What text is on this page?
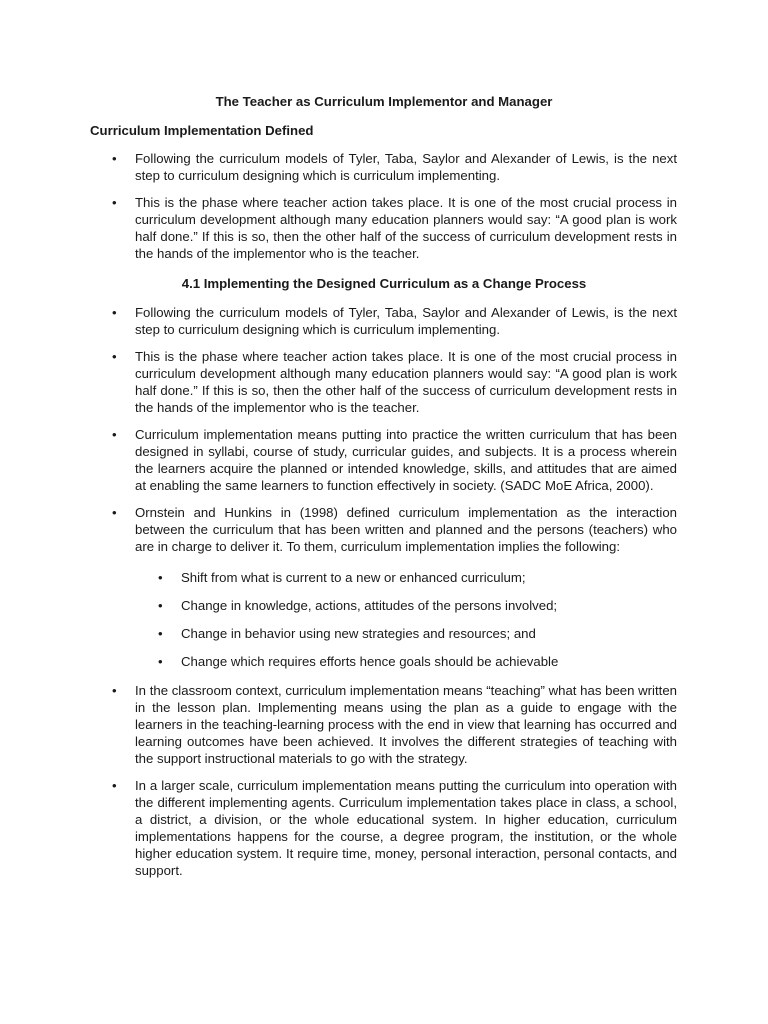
The Teacher as Curriculum Implementor and Manager
Curriculum Implementation Defined
• Following the curriculum models of Tyler, Taba, Saylor and Alexander of Lewis, is the next step to curriculum designing which is curriculum implementing.
• This is the phase where teacher action takes place. It is one of the most crucial process in curriculum development although many education planners would say: “A good plan is work half done.” If this is so, then the other half of the success of curriculum development rests in the hands of the implementor who is the teacher.
4.1 Implementing the Designed Curriculum as a Change Process
• Following the curriculum models of Tyler, Taba, Saylor and Alexander of Lewis, is the next step to curriculum designing which is curriculum implementing.
• This is the phase where teacher action takes place. It is one of the most crucial process in curriculum development although many education planners would say: “A good plan is work half done.” If this is so, then the other half of the success of curriculum development rests in the hands of the implementor who is the teacher.
• Curriculum implementation means putting into practice the written curriculum that has been designed in syllabi, course of study, curricular guides, and subjects. It is a process wherein the learners acquire the planned or intended knowledge, skills, and attitudes that are aimed at enabling the same learners to function effectively in society. (SADC MoE Africa, 2000).
• Ornstein and Hunkins in (1998) defined curriculum implementation as the interaction between the curriculum that has been written and planned and the persons (teachers) who are in charge to deliver it. To them, curriculum implementation implies the following:
• Shift from what is current to a new or enhanced curriculum;
• Change in knowledge, actions, attitudes of the persons involved;
• Change in behavior using new strategies and resources; and
• Change which requires efforts hence goals should be achievable
• In the classroom context, curriculum implementation means “teaching” what has been written in the lesson plan. Implementing means using the plan as a guide to engage with the learners in the teaching-learning process with the end in view that learning has occurred and learning outcomes have been achieved. It involves the different strategies of teaching with the support instructional materials to go with the strategy.
• In a larger scale, curriculum implementation means putting the curriculum into operation with the different implementing agents. Curriculum implementation takes place in class, a school, a district, a division, or the whole educational system. In higher education, curriculum implementations happens for the course, a degree program, the institution, or the whole higher education system. It require time, money, personal interaction, personal contacts, and support.
